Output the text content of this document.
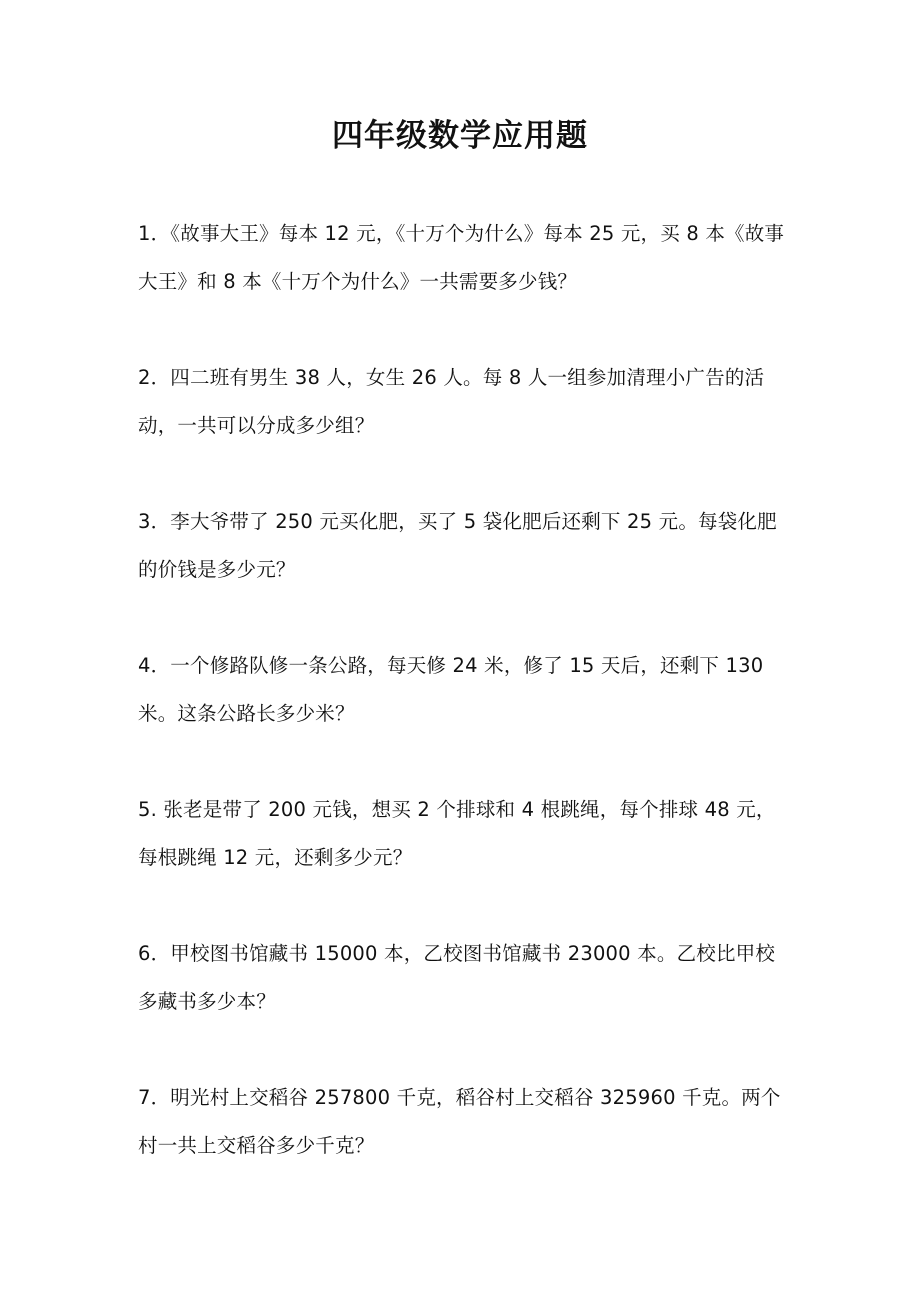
四年级数学应用题
1．《故事大王》每本 12 元，《十万个为什么》每本 25 元，买 8 本《故事大王》和 8 本《十万个为什么》一共需要多少钱？
2．四二班有男生 38 人，女生 26 人。每 8 人一组参加清理小广告的活动，一共可以分成多少组？
3．李大爷带了 250 元买化肥，买了 5 袋化肥后还剩下 25 元。每袋化肥的价钱是多少元？
4．一个修路队修一条公路，每天修 24 米，修了 15 天后，还剩下 130 米。这条公路长多少米？
5. 张老是带了 200 元钱，想买 2 个排球和 4 根跳绳，每个排球 48 元，每根跳绳 12 元，还剩多少元？
6．甲校图书馆藏书 15000 本，乙校图书馆藏书 23000 本。乙校比甲校多藏书多少本？
7．明光村上交稻谷 257800 千克，稻谷村上交稻谷 325960 千克。两个村一共上交稻谷多少千克？
